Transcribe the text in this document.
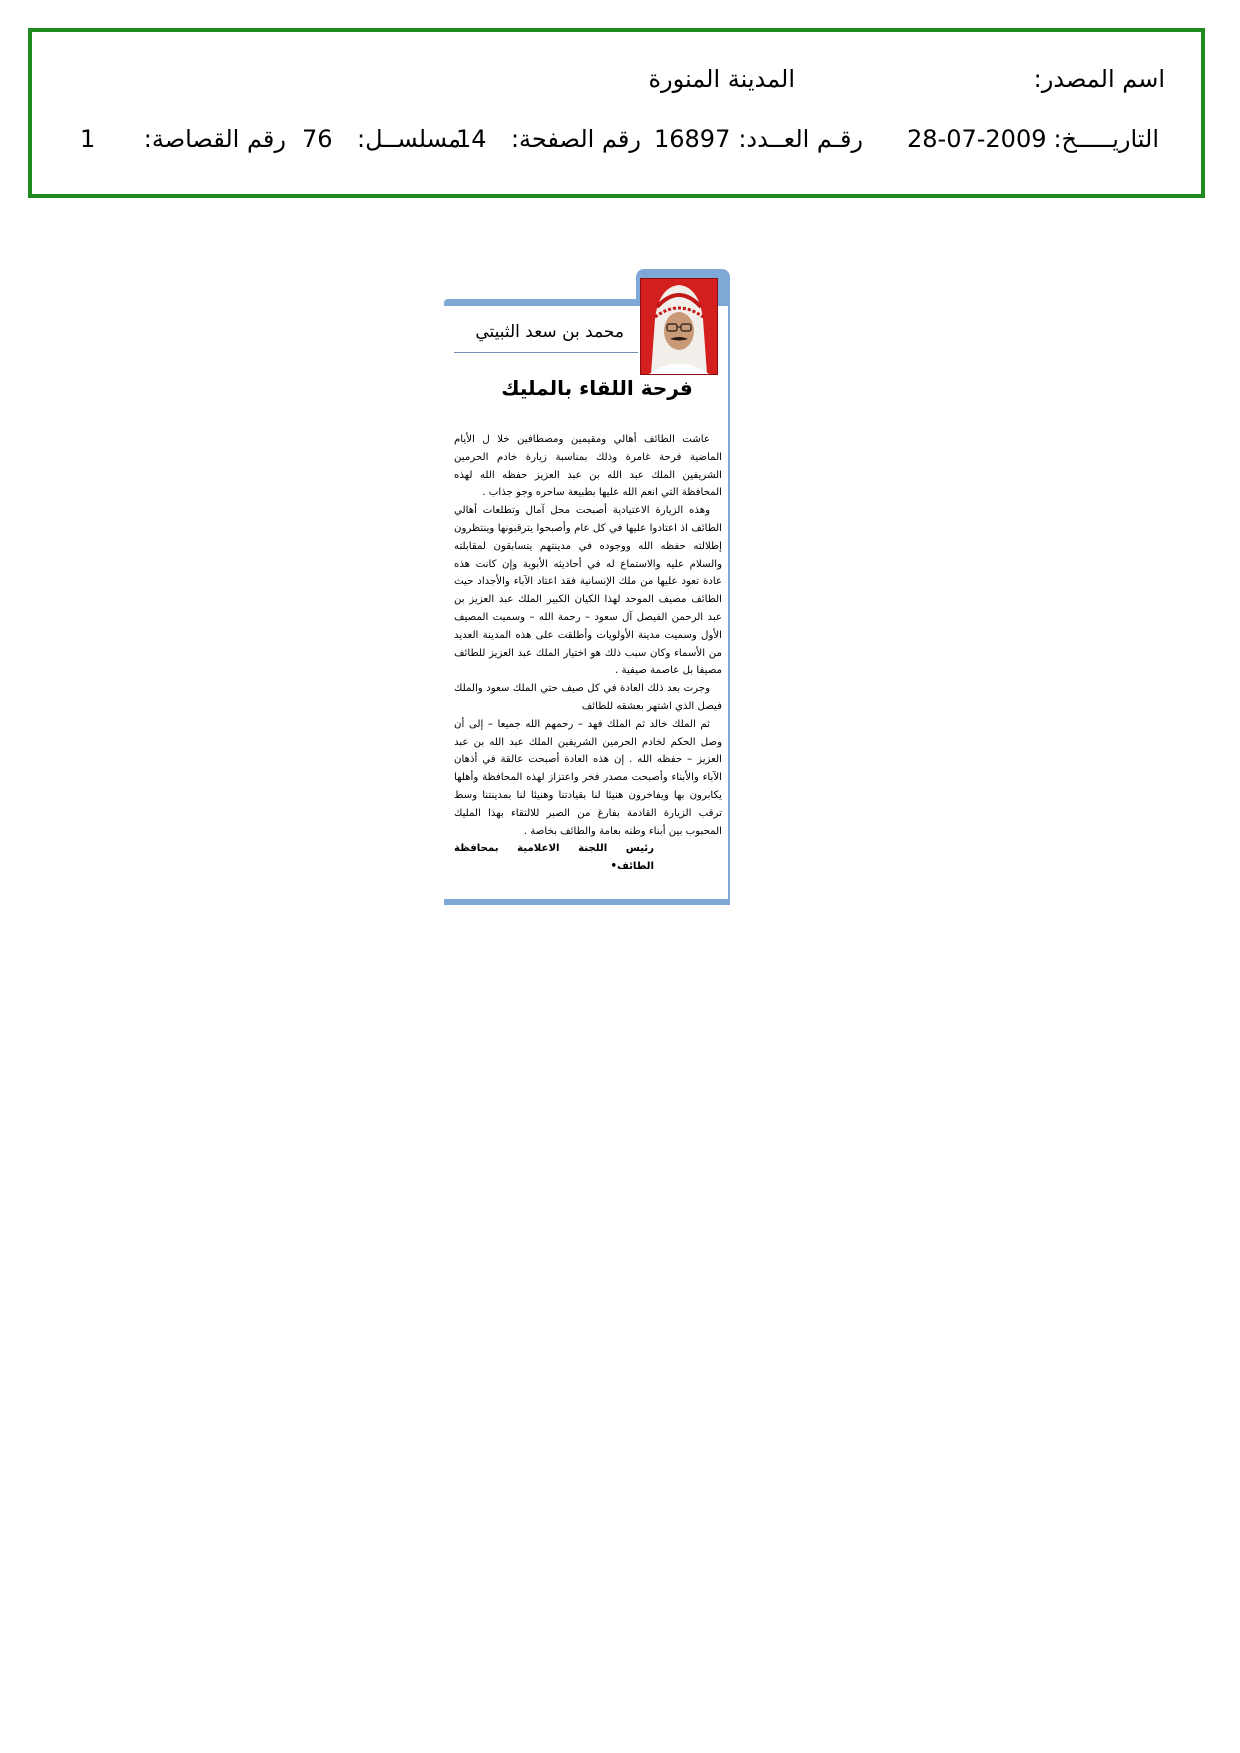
اسم المصدر:
المدينة المنورة
التاريـــــخ:
28-07-2009
رقـم العــدد:
16897
رقم الصفحة:
14
مسلســل:
76
رقم القصاصة:
1
محمد بن سعد الثبيتي
فرحة اللقاء بالمليك

عاشت الطائف أهالي ومقيمين ومصطافين خلا ل الأيام الماضية فرحة غامرة وذلك بمناسبة زيارة خادم الحرمين الشريفين الملك عبد الله بن عبد العزيز حفظه الله لهذه المحافظة التي انعم الله عليها بطبيعة ساحره وجو جذاب .

وهذه الزيارة الاعتيادية أصبحت محل آمال وتطلعات أهالي الطائف اذ اعتادوا عليها في كل عام وأصبحوا يترقبونها وينتظرون إطلالته حفظه الله ووجوده في مدينتهم يتسابقون لمقابلته والسلام عليه والاستماع له في أحاديثه الأبوية وإن كانت هذه عادة تعود عليها من ملك الإنسانية فقد اعتاد الآباء والأجداد حيث الطائف مصيف الموحد لهذا الكيان الكبير الملك عبد العزيز بن عبد الرحمن الفيصل آل سعود – رحمة الله – وسميت المصيف الأول وسميت مدينة الأولويات وأطلقت على هذه المدينة العديد من الأسماء وكان سبب ذلك هو اختيار الملك عبد العزيز للطائف مصيفا بل عاصمة صيفية .

وجرت بعد ذلك العادة في كل صيف حتي الملك سعود والملك فيصل الذي اشتهر بعشقه للطائف

ثم الملك خالد ثم الملك فهد – رحمهم الله جميعا – إلى أن وصل الحكم لخادم الحرمين الشريفين الملك عبد الله بن عبد العزيز – حفظه الله . إن هذه العادة أصبحت عالقة في أذهان الآباء والأبناء وأصبحت مصدر فخر واعتزاز لهذه المحافظة وأهلها يكابرون بها ويفاخرون هنيئا لنا بقيادتنا وهنيئا لنا بمدينتنا وسط ترقب الزيارة القادمة بفارغ من الصبر للالتقاء بهذا المليك المحبوب بين أبناء وطنه بعامة والطائف بخاصة .

رئيس اللجنة الاعلامية بمحافظة الطائف•
